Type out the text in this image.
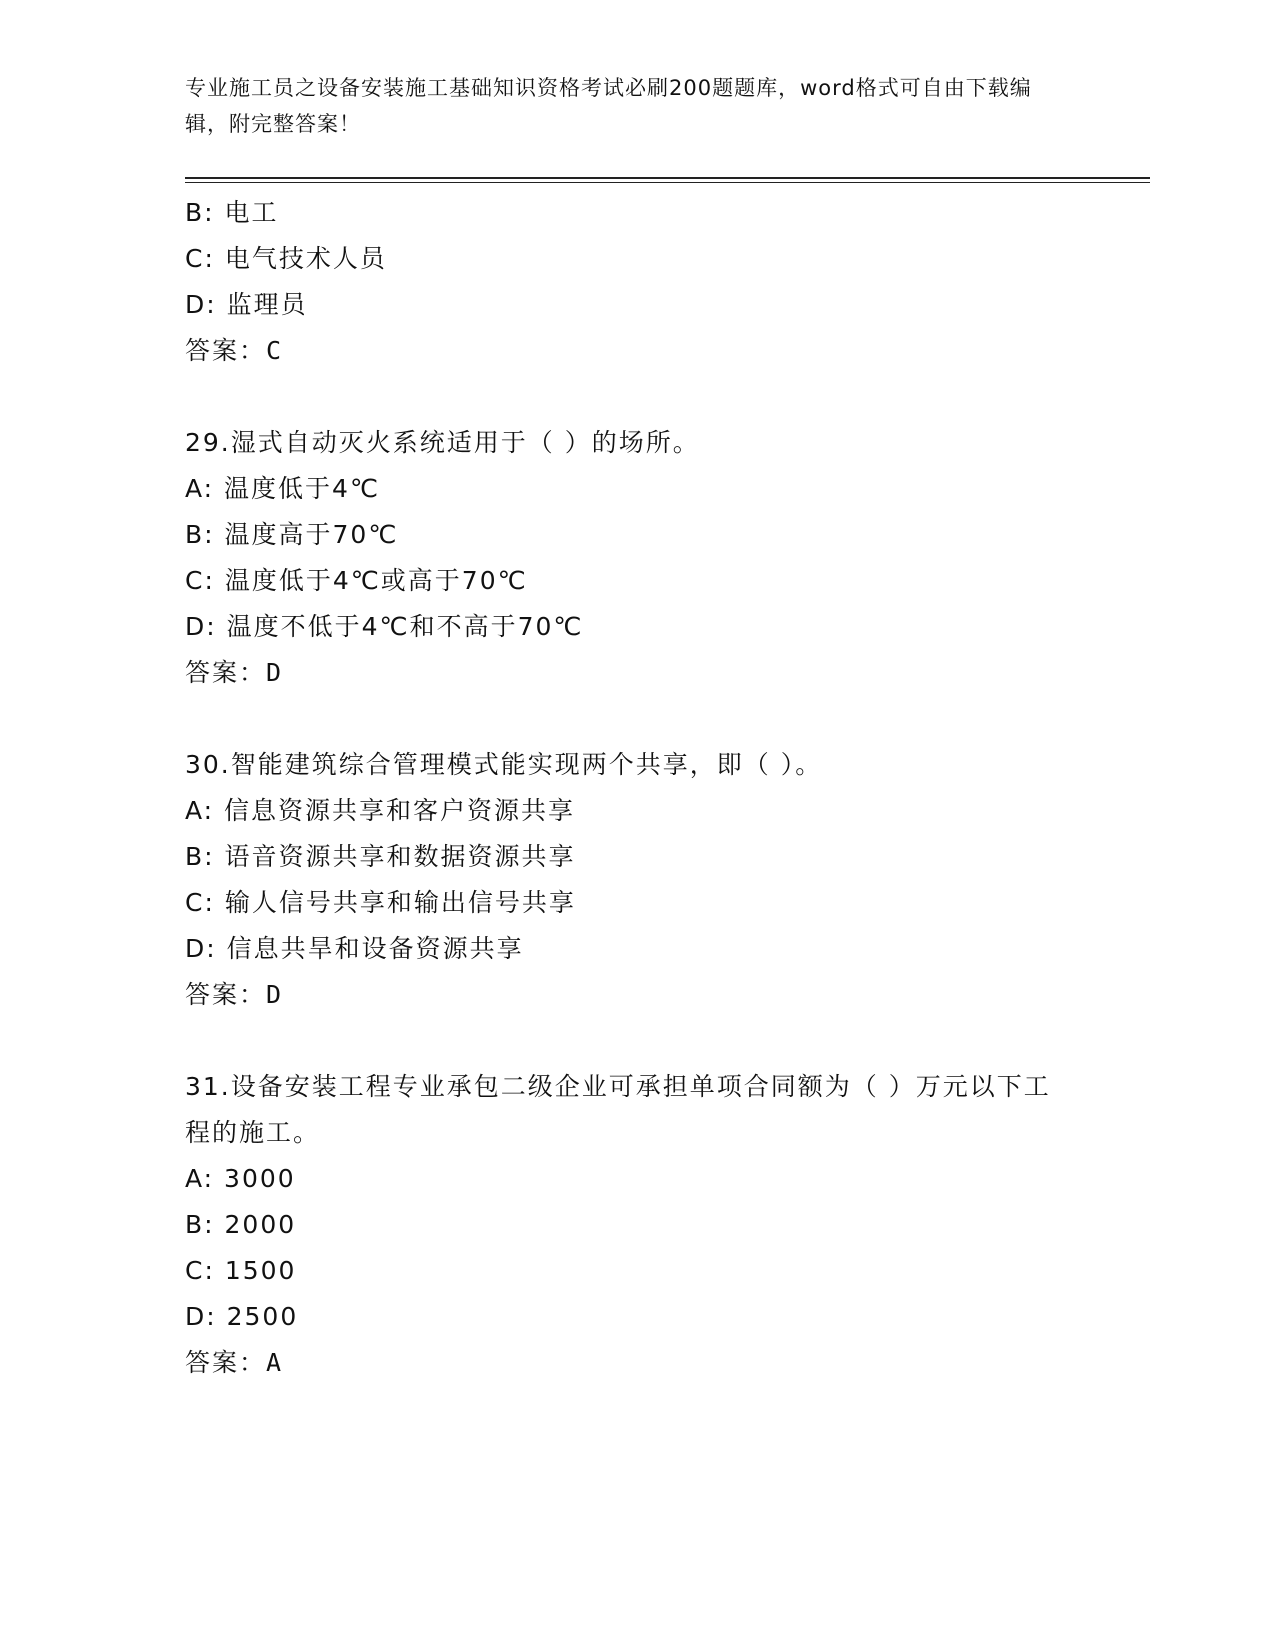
专业施工员之设备安装施工基础知识资格考试必刷200题题库，word格式可自由下载编辑，附完整答案！
B: 电工
C: 电气技术人员
D: 监理员
答案：C
29.湿式自动灭火系统适用于（ ）的场所。
A: 温度低于4℃
B: 温度高于70℃
C: 温度低于4℃或高于70℃
D: 温度不低于4℃和不高于70℃
答案：D
30.智能建筑综合管理模式能实现两个共享，即（ ）。
A: 信息资源共享和客户资源共享
B: 语音资源共享和数据资源共享
C: 输人信号共享和输出信号共享
D: 信息共旱和设备资源共享
答案：D
31.设备安装工程专业承包二级企业可承担单项合同额为（ ）万元以下工程的施工。
A: 3000
B: 2000
C: 1500
D: 2500
答案：A
